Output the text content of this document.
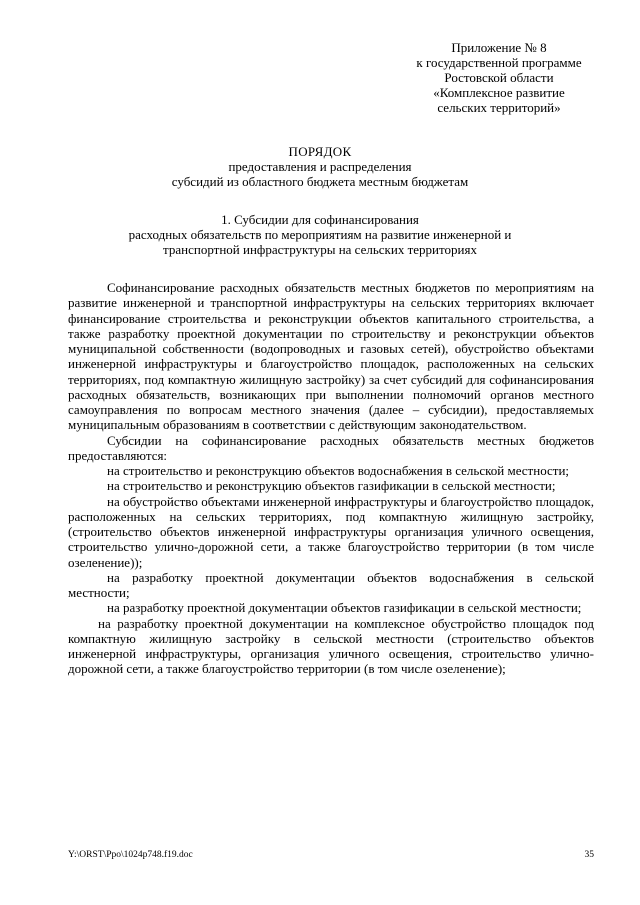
Приложение № 8
к государственной программе
Ростовской области
«Комплексное развитие
сельских территорий»
ПОРЯДОК
предоставления и распределения
субсидий из областного бюджета местным бюджетам
1. Субсидии для софинансирования
расходных обязательств по мероприятиям на развитие инженерной и
транспортной инфраструктуры на сельских территориях

Софинансирование расходных обязательств местных бюджетов по мероприятиям на развитие инженерной и транспортной инфраструктуры на сельских территориях включает финансирование строительства и реконструкции объектов капитального строительства, а также разработку проектной документации по строительству и реконструкции объектов муниципальной собственности (водопроводных и газовых сетей), обустройство объектами инженерной инфраструктуры и благоустройство площадок, расположенных на сельских территориях, под компактную жилищную застройку) за счет субсидий для софинансирования расходных обязательств, возникающих при выполнении полномочий органов местного самоуправления по вопросам местного значения (далее – субсидии), предоставляемых муниципальным образованиям в соответствии с действующим законодательством.

Субсидии на софинансирование расходных обязательств местных бюджетов предоставляются:

на строительство и реконструкцию объектов водоснабжения в сельской местности;

на строительство и реконструкцию объектов газификации в сельской местности;

на обустройство объектами инженерной инфраструктуры и благоустройство площадок, расположенных на сельских территориях, под компактную жилищную застройку, (строительство объектов инженерной инфраструктуры организация уличного освещения, строительство улично-дорожной сети, а также благоустройство территории (в том числе озеленение));

на разработку проектной документации объектов водоснабжения в сельской местности;

на разработку проектной документации объектов газификации в сельской местности;

на разработку проектной документации на комплексное обустройство площадок под компактную жилищную застройку в сельской местности (строительство объектов инженерной инфраструктуры, организация уличного освещения, строительство улично-дорожной сети, а также благоустройство территории (в том числе озеленение);

Y:\ORST\Ppo\1024p748.f19.doc	35
